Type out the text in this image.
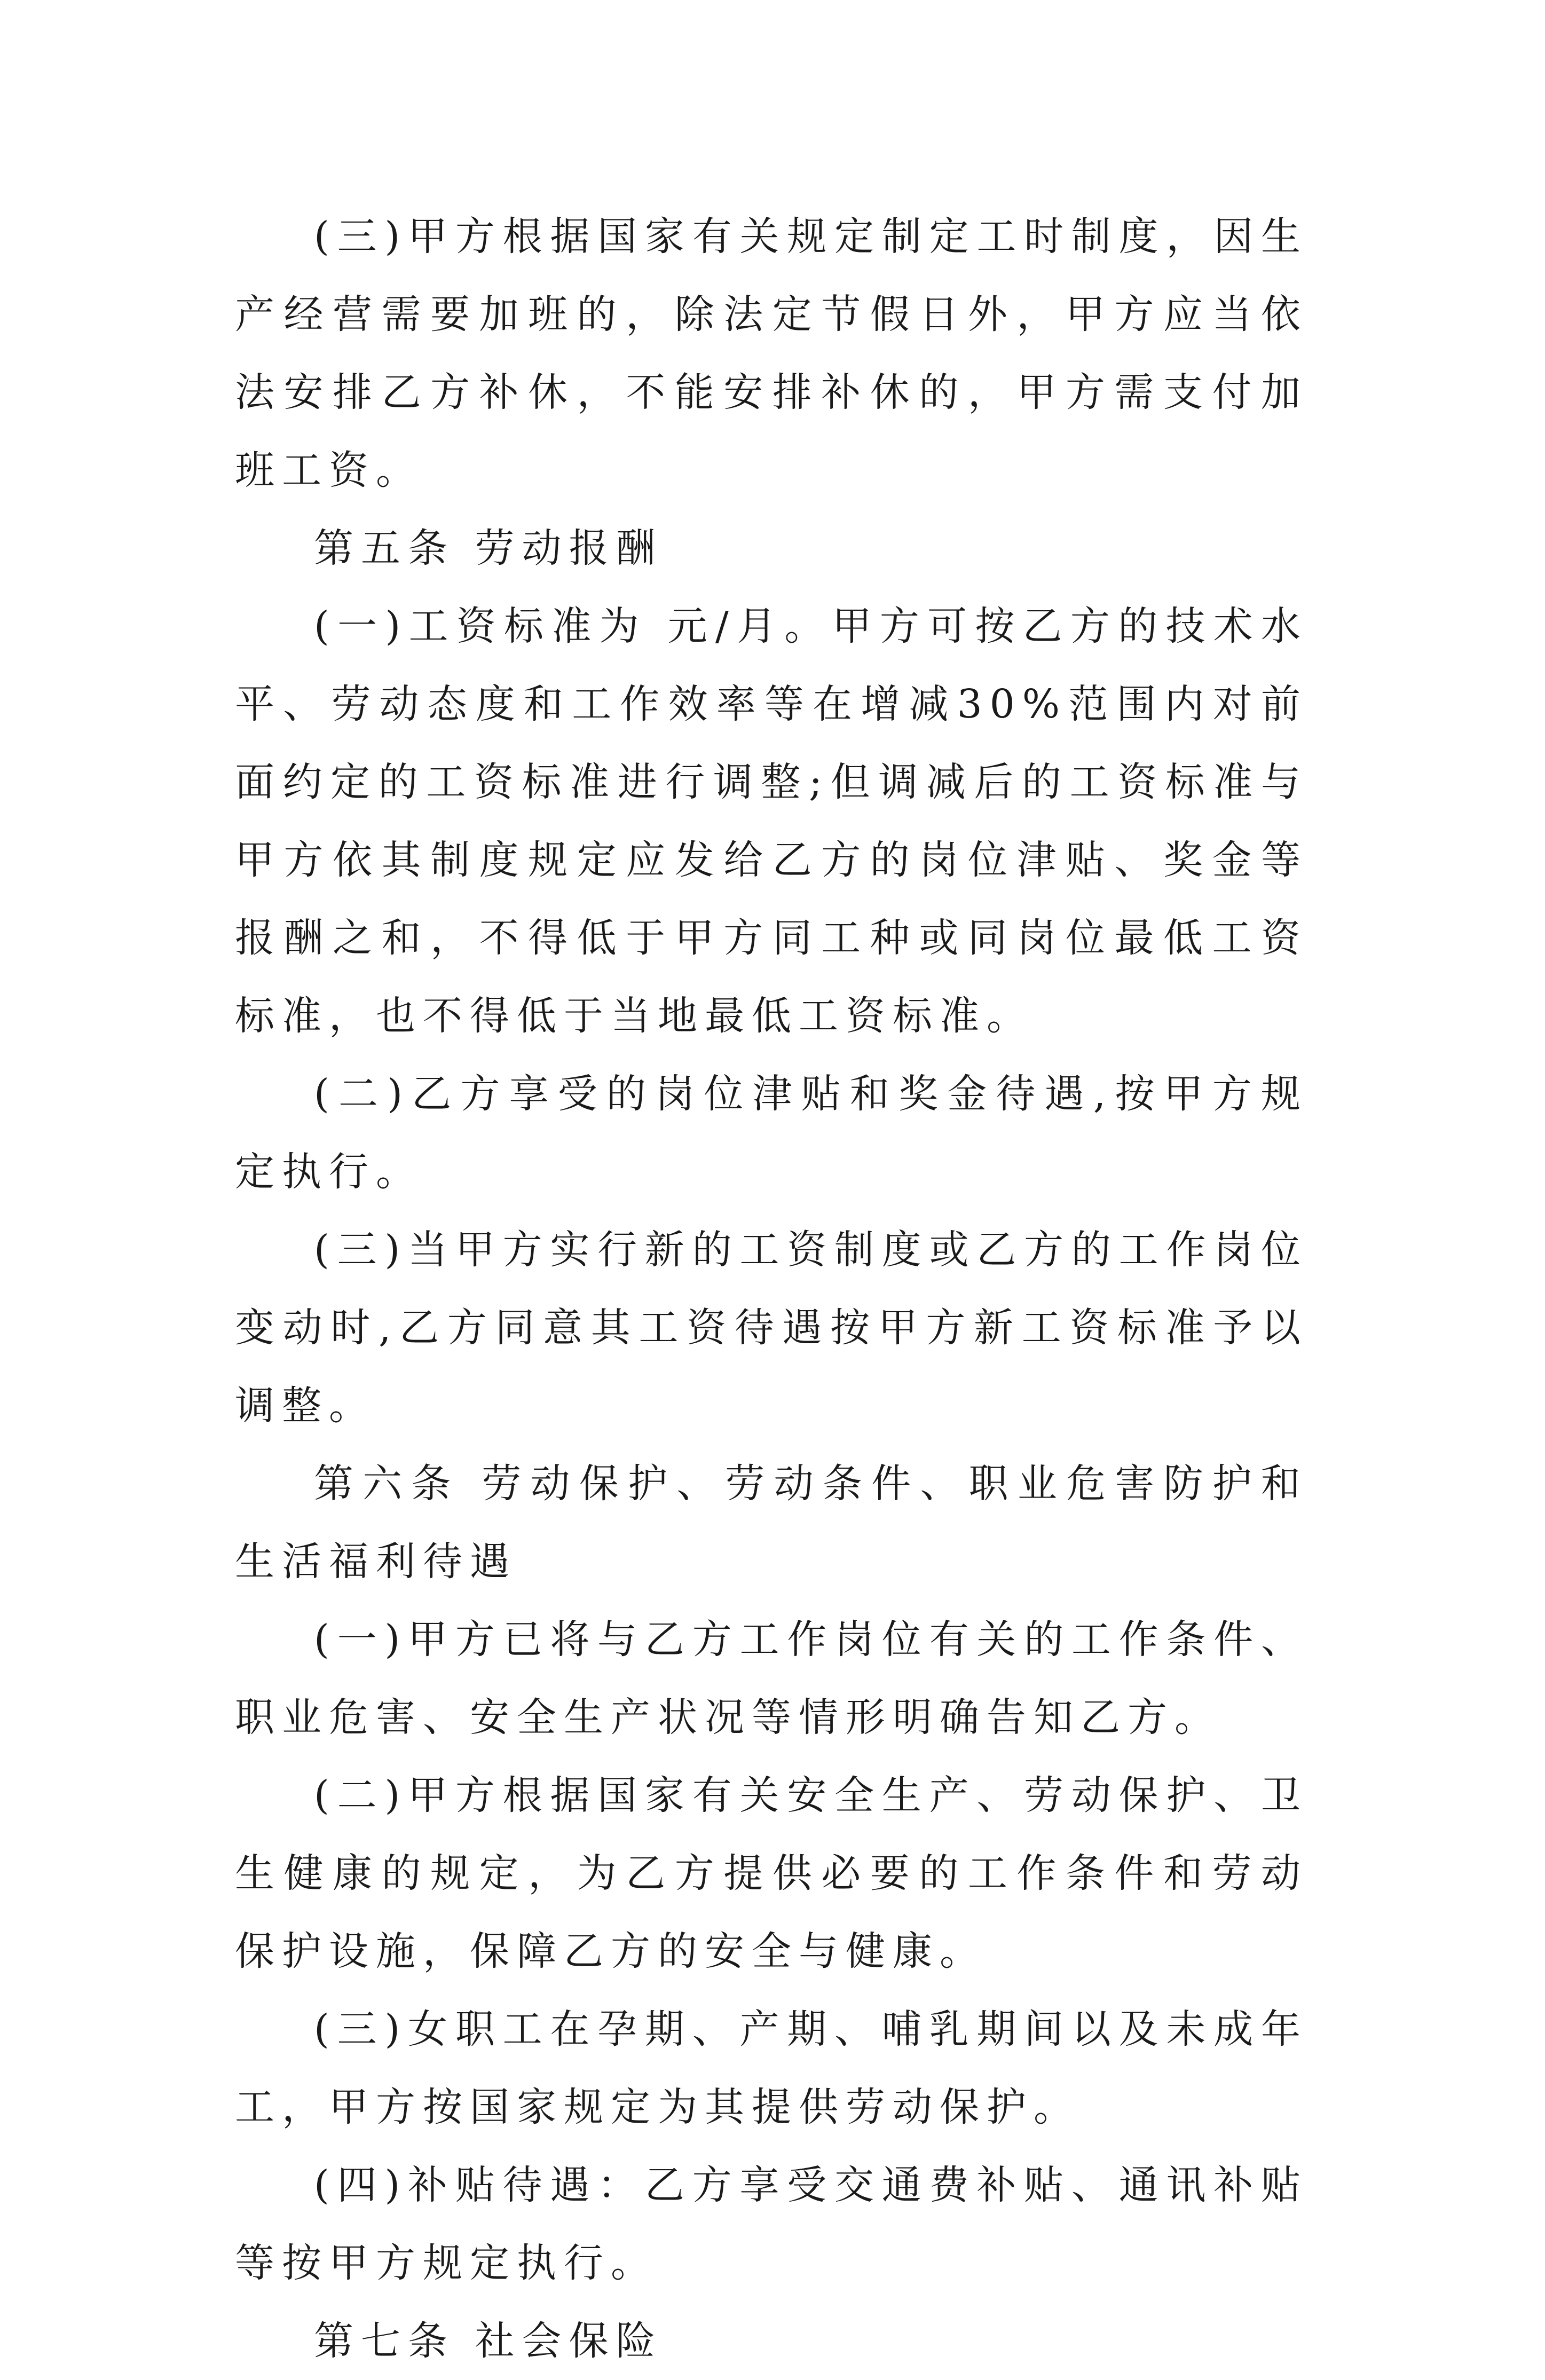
(三)甲方根据国家有关规定制定工时制度，因生产经营需要加班的，除法定节假日外，甲方应当依法安排乙方补休，不能安排补休的，甲方需支付加班工资。

第五条 劳动报酬

(一)工资标准为 元/月。甲方可按乙方的技术水平、劳动态度和工作效率等在增减30%范围内对前面约定的工资标准进行调整;但调减后的工资标准与甲方依其制度规定应发给乙方的岗位津贴、奖金等报酬之和，不得低于甲方同工种或同岗位最低工资标准，也不得低于当地最低工资标准。

(二)乙方享受的岗位津贴和奖金待遇,按甲方规定执行。

(三)当甲方实行新的工资制度或乙方的工作岗位变动时,乙方同意其工资待遇按甲方新工资标准予以调整。

第六条 劳动保护、劳动条件、职业危害防护和生活福利待遇

(一)甲方已将与乙方工作岗位有关的工作条件、职业危害、安全生产状况等情形明确告知乙方。

(二)甲方根据国家有关安全生产、劳动保护、卫生健康的规定，为乙方提供必要的工作条件和劳动保护设施，保障乙方的安全与健康。

(三)女职工在孕期、产期、哺乳期间以及未成年工，甲方按国家规定为其提供劳动保护。

(四)补贴待遇：乙方享受交通费补贴、通讯补贴等按甲方规定执行。

第七条 社会保险
